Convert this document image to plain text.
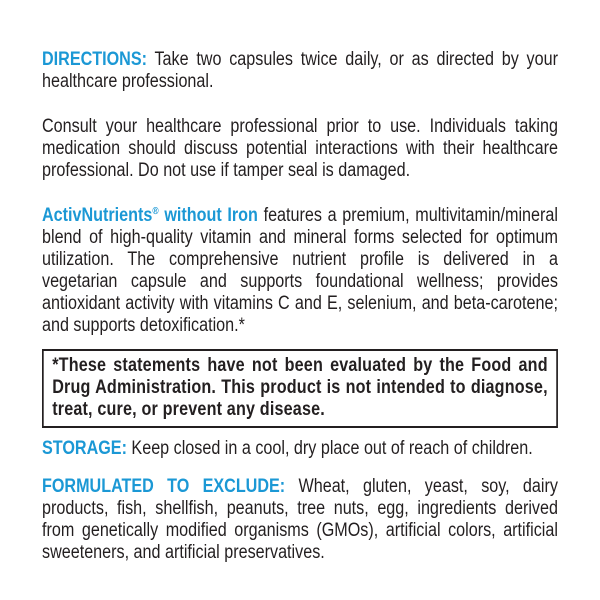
DIRECTIONS: Take two capsules twice daily, or as directed by your healthcare professional.

Consult your healthcare professional prior to use. Individuals taking medication should discuss potential interactions with their healthcare professional. Do not use if tamper seal is damaged.

ActivNutrients® without Iron features a premium, multivitamin/mineral blend of high-quality vitamin and mineral forms selected for optimum utilization. The comprehensive nutrient profile is delivered in a vegetarian capsule and supports foundational wellness; provides antioxidant activity with vitamins C and E, selenium, and beta-carotene; and supports detoxification.*

*These statements have not been evaluated by the Food and Drug Administration. This product is not intended to diagnose, treat, cure, or prevent any disease.

STORAGE: Keep closed in a cool, dry place out of reach of children.

FORMULATED TO EXCLUDE: Wheat, gluten, yeast, soy, dairy products, fish, shellfish, peanuts, tree nuts, egg, ingredients derived from genetically modified organisms (GMOs), artificial colors, artificial sweeteners, and artificial preservatives.
